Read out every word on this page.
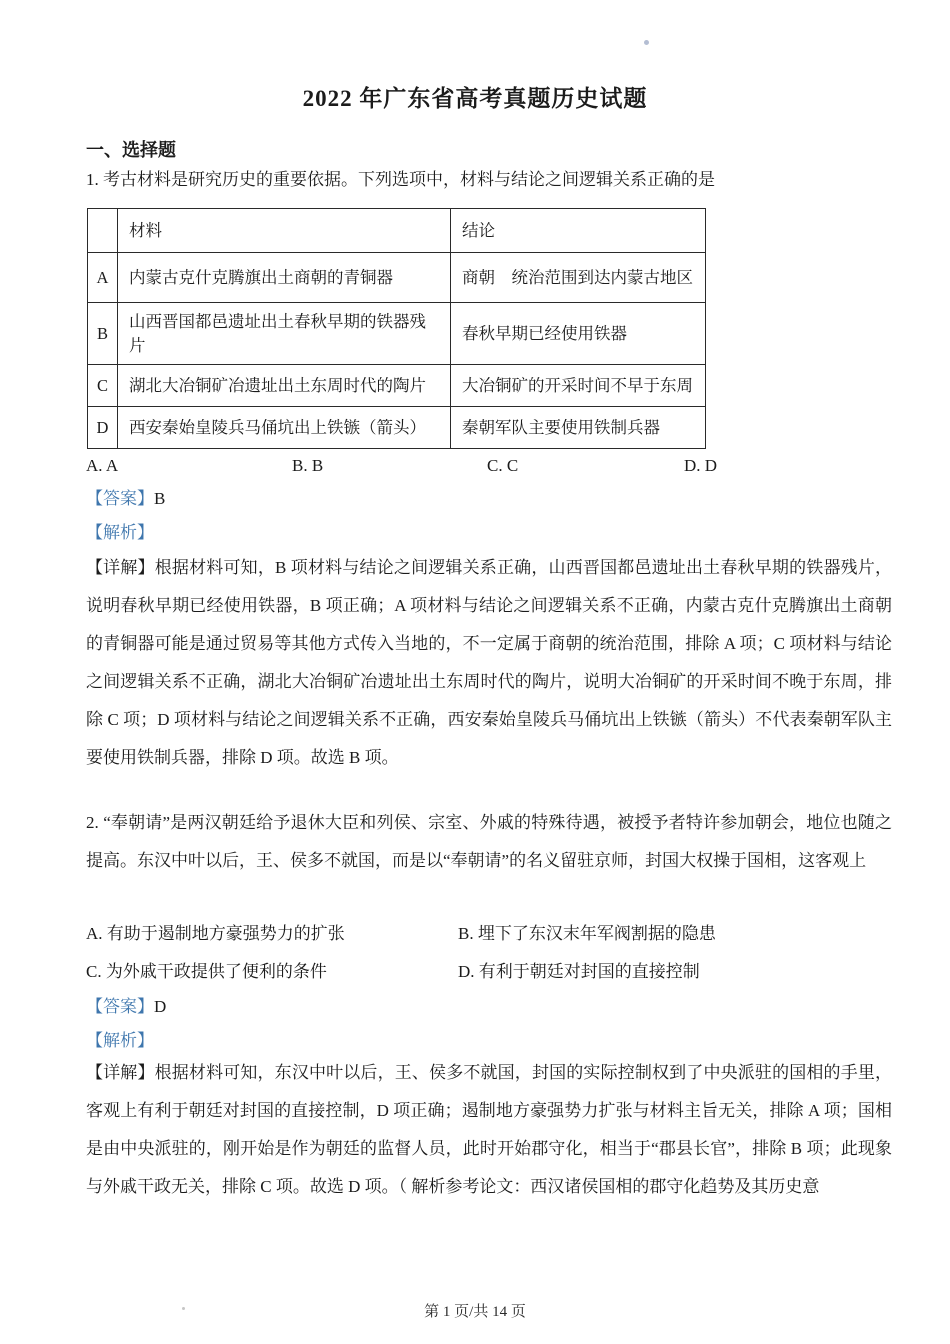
2022 年广东省高考真题历史试题
一、选择题

1. 考古材料是研究历史的重要依据。下列选项中，材料与结论之间逻辑关系正确的是

	材料	结论
A	内蒙古克什克腾旗出土商朝的青铜器	商朝　统治范围到达内蒙古地区
B	山西晋国都邑遗址出土春秋早期的铁器残片	春秋早期已经使用铁器
C	湖北大冶铜矿冶遗址出土东周时代的陶片	大冶铜矿的开采时间不早于东周
D	西安秦始皇陵兵马俑坑出上铁镞（箭头）	秦朝军队主要使用铁制兵器
A. A	B. B	C. C	D. D
【答案】B
【解析】

【详解】根据材料可知，B 项材料与结论之间逻辑关系正确，山西晋国都邑遗址出土春秋早期的铁器残片，说明春秋早期已经使用铁器，B 项正确；A 项材料与结论之间逻辑关系不正确，内蒙古克什克腾旗出土商朝的青铜器可能是通过贸易等其他方式传入当地的，不一定属于商朝的统治范围，排除 A 项；C 项材料与结论之间逻辑关系不正确，湖北大冶铜矿冶遗址出土东周时代的陶片，说明大冶铜矿的开采时间不晚于东周，排除 C 项；D 项材料与结论之间逻辑关系不正确，西安秦始皇陵兵马俑坑出上铁镞（箭头）不代表秦朝军队主要使用铁制兵器，排除 D 项。故选 B 项。

2. “奉朝请”是两汉朝廷给予退休大臣和列侯、宗室、外戚的特殊待遇，被授予者特许参加朝会，地位也随之提高。东汉中叶以后，王、侯多不就国，而是以“奉朝请”的名义留驻京师，封国大权操于国相，这客观上

A. 有助于遏制地方豪强势力的扩张	B. 埋下了东汉末年军阀割据的隐患
C. 为外戚干政提供了便利的条件	D. 有利于朝廷对封国的直接控制
【答案】D
【解析】

【详解】根据材料可知，东汉中叶以后，王、侯多不就国，封国的实际控制权到了中央派驻的国相的手里，客观上有利于朝廷对封国的直接控制，D 项正确；遏制地方豪强势力扩张与材料主旨无关，排除 A 项；国相是由中央派驻的，刚开始是作为朝廷的监督人员，此时开始郡守化，相当于“郡县长官”，排除 B 项；此现象与外戚干政无关，排除 C 项。故选 D 项。（ 解析参考论文：西汉诸侯国相的郡守化趋势及其历史意

第 1 页/共 14 页
